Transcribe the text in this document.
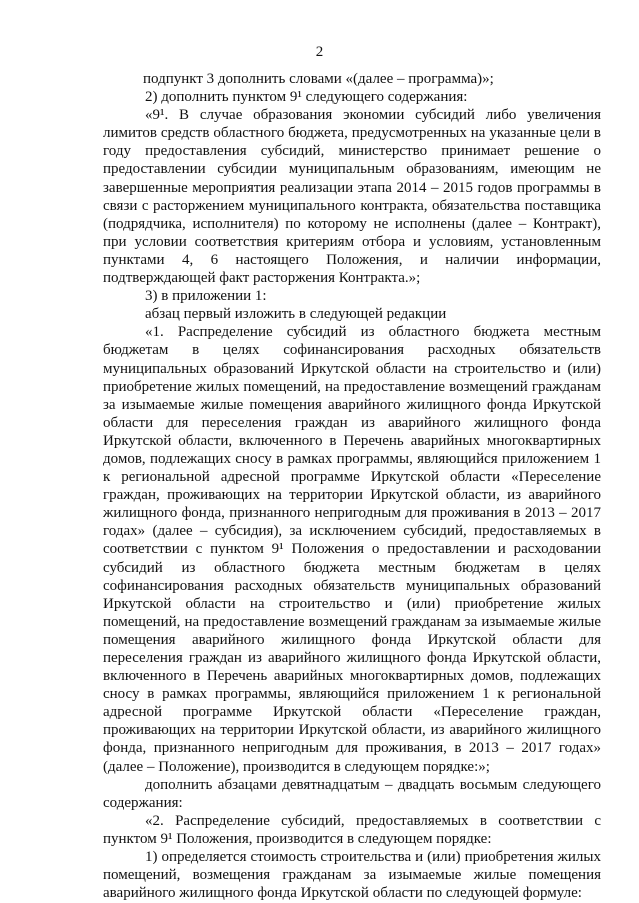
2

подпункт 3 дополнить словами «(далее – программа)»;

2) дополнить пунктом 9¹ следующего содержания:

«9¹. В случае образования экономии субсидий либо увеличения лимитов средств областного бюджета, предусмотренных на указанные цели в году предоставления субсидий, министерство принимает решение о предоставлении субсидии муниципальным образованиям, имеющим не завершенные мероприятия реализации этапа 2014 – 2015 годов программы в связи с расторжением муниципального контракта, обязательства поставщика (подрядчика, исполнителя) по которому не исполнены (далее – Контракт), при условии соответствия критериям отбора и условиям, установленным пунктами 4, 6 настоящего Положения, и наличии информации, подтверждающей факт расторжения Контракта.»;

3) в приложении 1:

абзац первый изложить в следующей редакции

«1. Распределение субсидий из областного бюджета местным бюджетам в целях софинансирования расходных обязательств муниципальных образований Иркутской области на строительство и (или) приобретение жилых помещений, на предоставление возмещений гражданам за изымаемые жилые помещения аварийного жилищного фонда Иркутской области для переселения граждан из аварийного жилищного фонда Иркутской области, включенного в Перечень аварийных многоквартирных домов, подлежащих сносу в рамках программы, являющийся приложением 1 к региональной адресной программе Иркутской области «Переселение граждан, проживающих на территории Иркутской области, из аварийного жилищного фонда, признанного непригодным для проживания в 2013 – 2017 годах» (далее – субсидия), за исключением субсидий, предоставляемых в соответствии с пунктом 9¹ Положения о предоставлении и расходовании субсидий из областного бюджета местным бюджетам в целях софинансирования расходных обязательств муниципальных образований Иркутской области на строительство и (или) приобретение жилых помещений, на предоставление возмещений гражданам за изымаемые жилые помещения аварийного жилищного фонда Иркутской области для переселения граждан из аварийного жилищного фонда Иркутской области, включенного в Перечень аварийных многоквартирных домов, подлежащих сносу в рамках программы, являющийся приложением 1 к региональной адресной программе Иркутской области «Переселение граждан, проживающих на территории Иркутской области, из аварийного жилищного фонда, признанного непригодным для проживания, в 2013 – 2017 годах» (далее – Положение), производится в следующем порядке:»;

дополнить абзацами девятнадцатым – двадцать восьмым следующего содержания:

«2. Распределение субсидий, предоставляемых в соответствии с пунктом 9¹ Положения, производится в следующем порядке:

1) определяется стоимость строительства и (или) приобретения жилых помещений, возмещения гражданам за изымаемые жилые помещения аварийного жилищного фонда Иркутской области по следующей формуле:
